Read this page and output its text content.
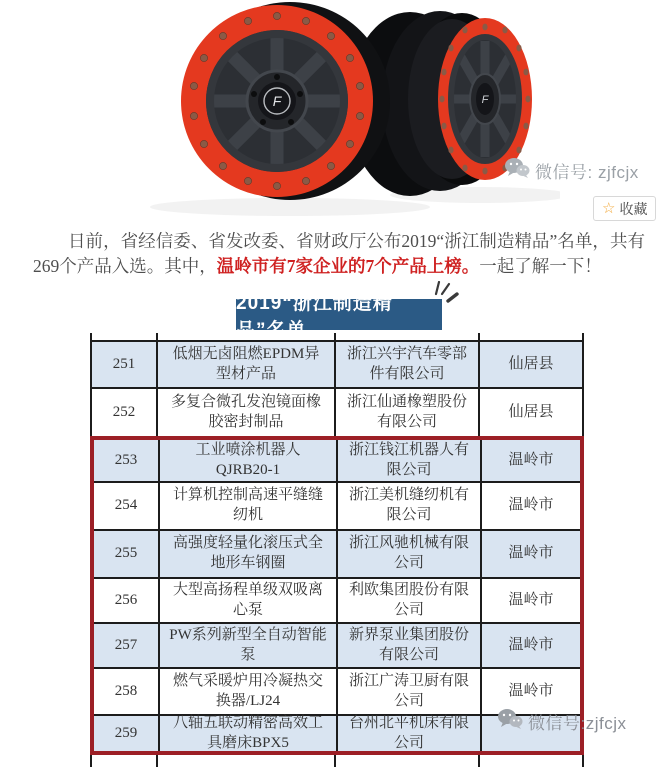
F
F
微信号: zjfcjx
☆ 收藏
日前，省经信委、省发改委、省财政厅公布2019“浙江制造精品”名单，共有269个产品入选。其中，温岭市有7家企业的7个产品上榜。一起了解一下！
2019“浙江制造精品”名单
251
低烟无卤阻燃EPDM异型材产品
浙江兴宇汽车零部件有限公司
仙居县
252
多复合微孔发泡镜面橡胶密封制品
浙江仙通橡塑股份有限公司
仙居县
253
工业喷涂机器人QJRB20-1
浙江钱江机器人有限公司
温岭市
254
计算机控制高速平缝缝纫机
浙江美机缝纫机有限公司
温岭市
255
高强度轻量化滚压式全地形车钢圈
浙江风驰机械有限公司
温岭市
256
大型高扬程单级双吸离心泵
利欧集团股份有限公司
温岭市
257
PW系列新型全自动智能泵
新界泵业集团股份有限公司
温岭市
258
燃气采暖炉用冷凝热交换器/LJ24
浙江广涛卫厨有限公司
温岭市
259
八轴五联动精密高效工具磨床BPX5
台州北平机床有限公司
微信号:zjfcjx
